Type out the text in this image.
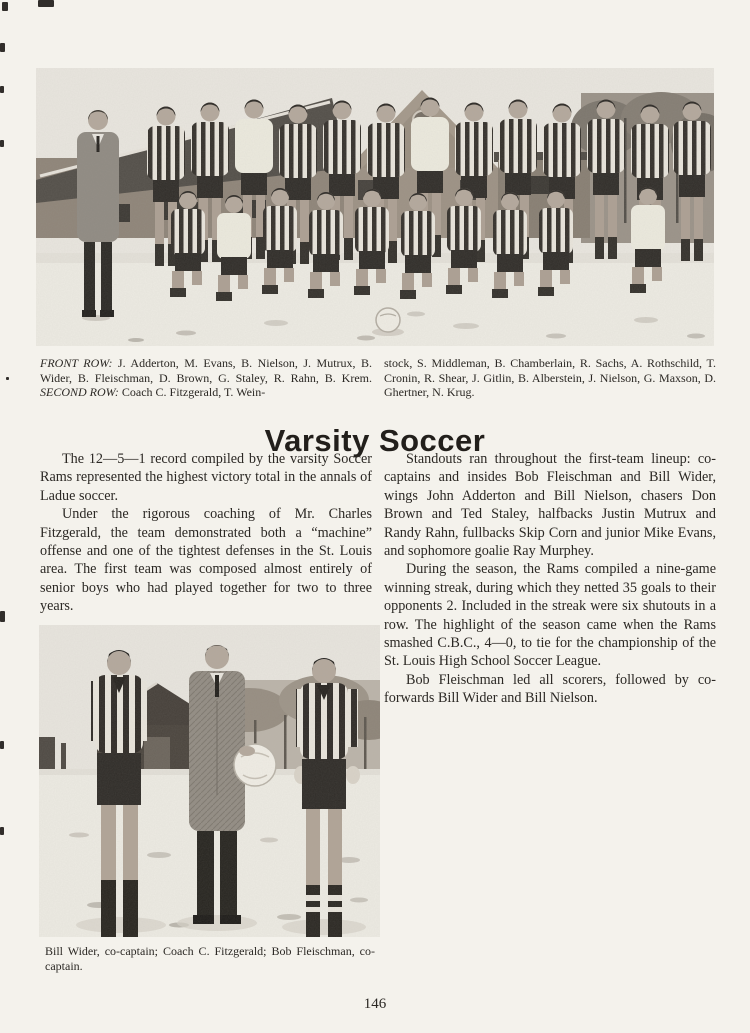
FRONT ROW: J. Adderton, M. Evans, B. Nielson, J. Mutrux, B. Wider, B. Fleischman, D. Brown, G. Staley, R. Rahn, B. Krem. SECOND ROW: Coach C. Fitzgerald, T. Wein-
stock, S. Middleman, B. Chamberlain, R. Sachs, A. Rothschild, T. Cronin, R. Shear, J. Gitlin, B. Alberstein, J. Nielson, G. Maxson, D. Ghertner, N. Krug.
Varsity Soccer

The 12—5—1 record compiled by the varsity Soccer Rams represented the highest victory total in the annals of Ladue soccer.

Under the rigorous coaching of Mr. Charles Fitzgerald, the team demonstrated both a “machine” offense and one of the tightest defenses in the St. Louis area. The first team was composed almost entirely of senior boys who had played together for two to three years.

Standouts ran throughout the first-team lineup: co-captains and insides Bob Fleischman and Bill Wider, wings John Adderton and Bill Nielson, chasers Don Brown and Ted Staley, halfbacks Justin Mutrux and Randy Rahn, fullbacks Skip Corn and junior Mike Evans, and sophomore goalie Ray Murphey.

During the season, the Rams compiled a nine-game winning streak, during which they netted 35 goals to their opponents 2. Included in the streak were six shutouts in a row. The highlight of the season came when the Rams smashed C.B.C., 4—0, to tie for the championship of the St. Louis High School Soccer League.

Bob Fleischman led all scorers, followed by co-forwards Bill Wider and Bill Nielson.

Bill Wider, co-captain; Coach C. Fitzgerald; Bob Fleischman, co-captain.
146
